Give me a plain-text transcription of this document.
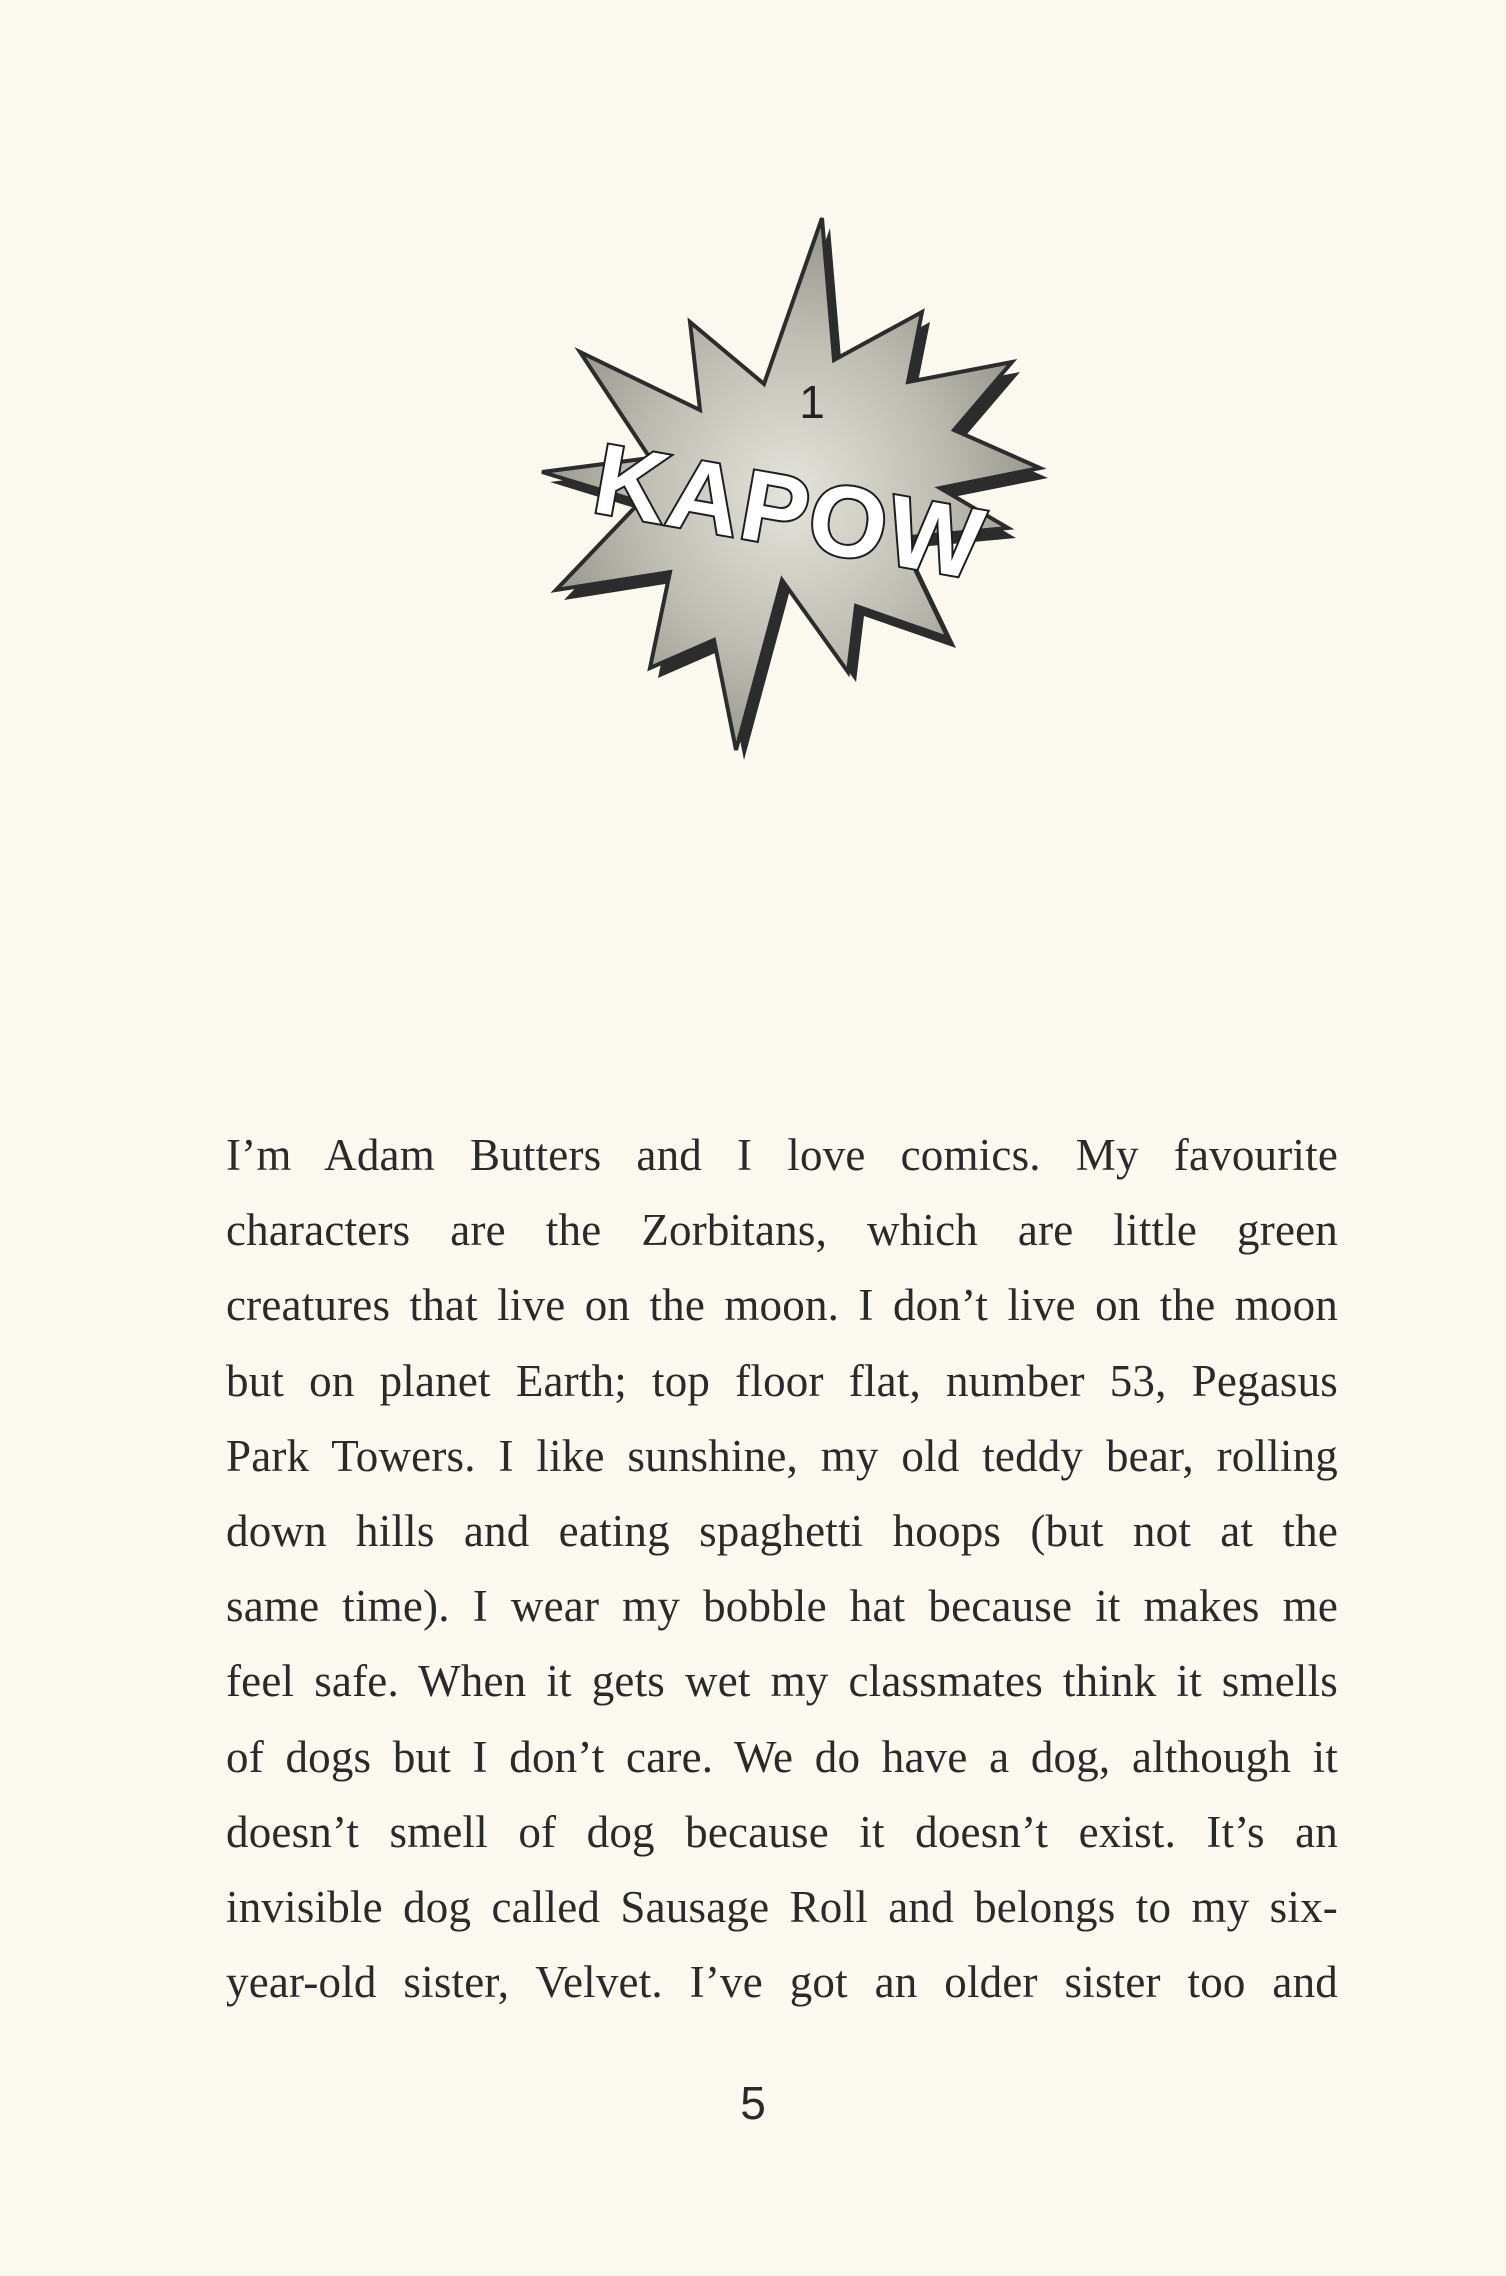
1
KAPOW
I’m Adam Butters and I love comics. My favourite
characters are the Zorbitans, which are little green
creatures that live on the moon. I don’t live on the moon
but on planet Earth; top floor flat, number 53, Pegasus
Park Towers. I like sunshine, my old teddy bear, rolling
down hills and eating spaghetti hoops (but not at the
same time). I wear my bobble hat because it makes me
feel safe. When it gets wet my classmates think it smells
of dogs but I don’t care. We do have a dog, although it
doesn’t smell of dog because it doesn’t exist. It’s an
invisible dog called Sausage Roll and belongs to my six-
year-old sister, Velvet. I’ve got an older sister too and
5
